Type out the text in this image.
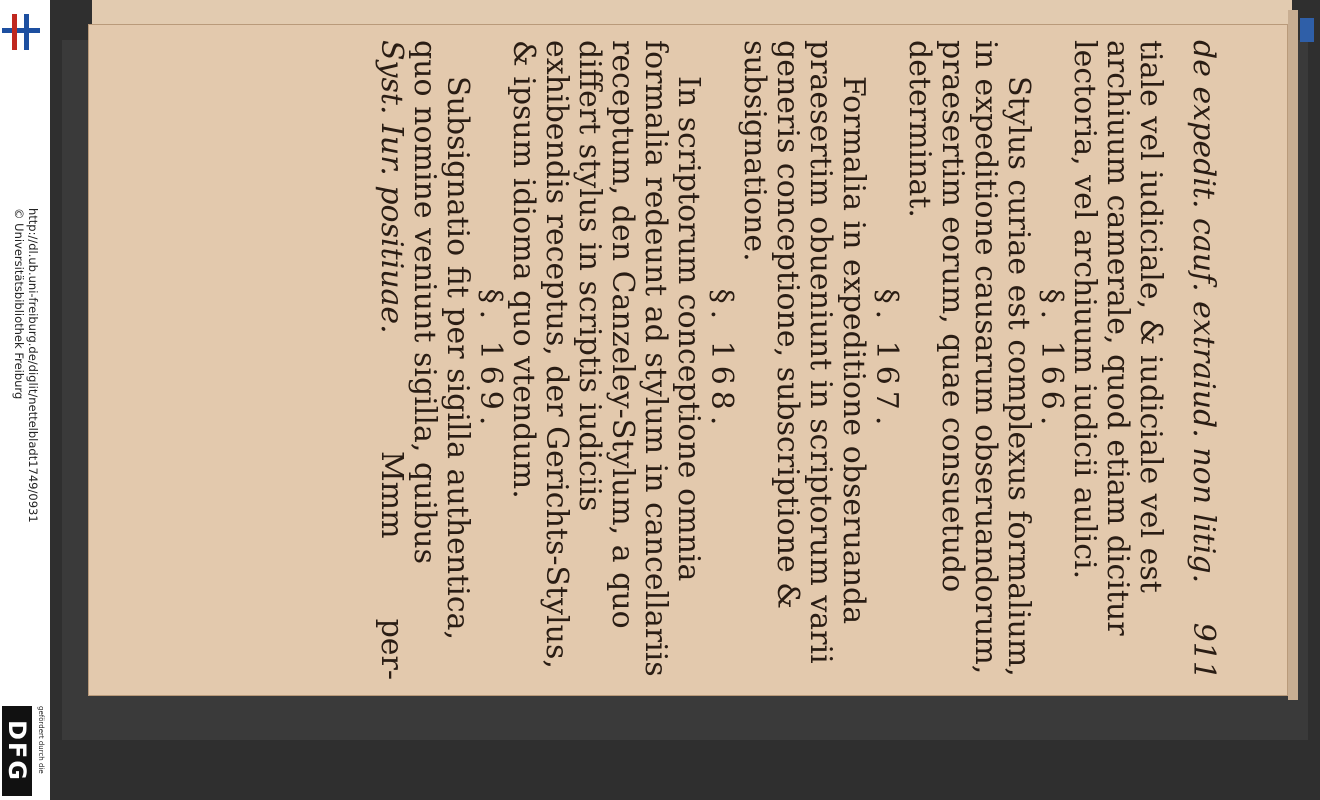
http://dl.ub.uni-freiburg.de/diglit/nettelbladt1749/0931
© Universitätsbibliothek Freiburg
DFG gefördert durch die
de expedit. cauf. extraiud. non litig.
911

tiale vel iudiciale, & iudiciale vel est archiuum camerale, quod etiam dicitur lectoria, vel archiuum iudicii aulici.

§. 166.

Stylus curiae est complexus formalium, in expeditione causarum obseruandorum, praesertim eorum, quae consuetudo determinat.

§. 167.

Formalia in expeditione obseruanda praesertim obueniunt in scriptorum varii generis conceptione, subscriptione & subsignatione.

§. 168.

In scriptorum conceptione omnia formalia redeunt ad stylum in cancellariis receptum, den Canzeley-Stylum, a quo differt stylus in scriptis iudiciis exhibendis receptus, der Gerichts-Stylus, & ipsum idioma quo vtendum.

§. 169.

Subsignatio fit per sigilla authentica, quo nomine veniunt sigilla, quibus

Syst. Iur. positiuae.
Mmm
per-
